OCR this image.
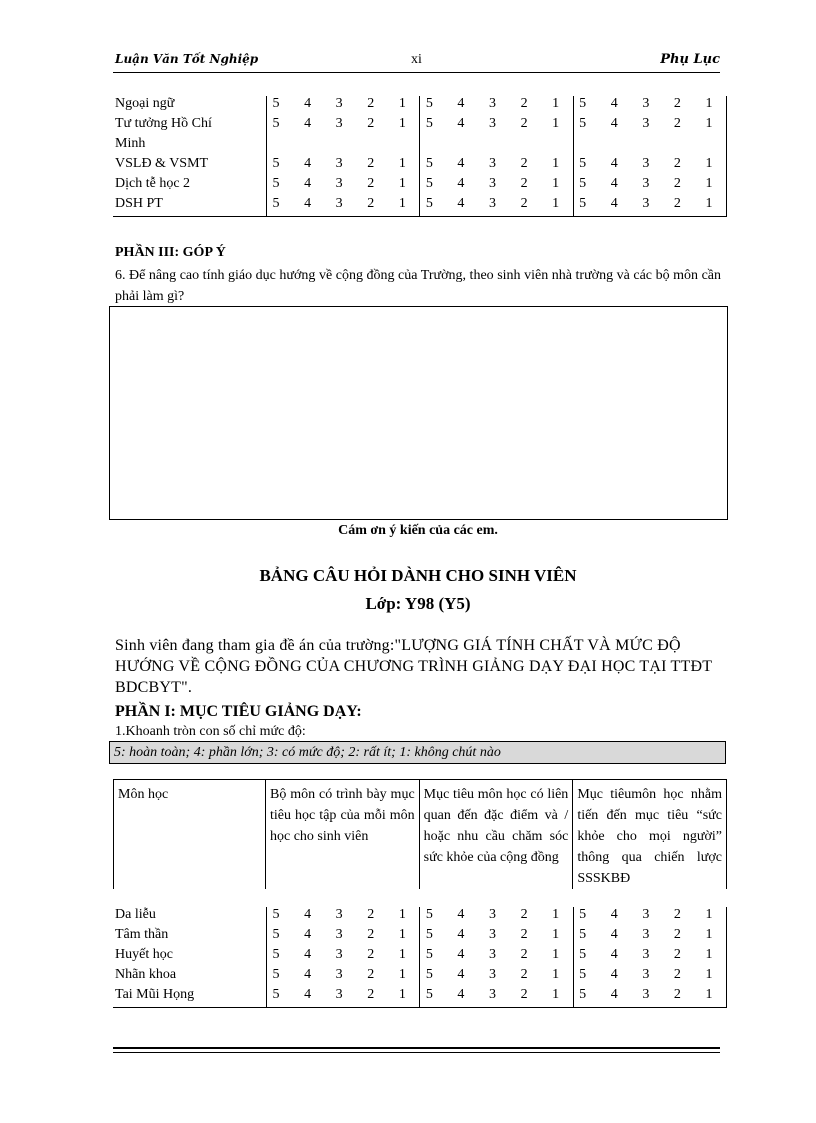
Luận Văn Tốt Nghiệp	xi	Phụ Lục
Ngoại ngữ	5 4 3 2 1	5 4 3 2 1	5 4 3 2 1

Tư tưởng Hồ Chí	5 4 3 2 1	5 4 3 2 1	5 4 3 2 1

Minh			
VSLĐ & VSMT	5 4 3 2 1	5 4 3 2 1	5 4 3 2 1

Dịch tễ học 2	5 4 3 2 1	5 4 3 2 1	5 4 3 2 1

DSH PT	5 4 3 2 1	5 4 3 2 1	5 4 3 2 1
PHẦN III: GÓP Ý
6. Để nâng cao tính giáo dục hướng về cộng đồng của Trường, theo sinh viên nhà trường và các bộ môn cần phải làm gì?
Cám ơn ý kiến của các em.
BẢNG CÂU HỎI DÀNH CHO SINH VIÊN
Lớp: Y98 (Y5)
Sinh viên đang tham gia đề án của trường:"LƯỢNG GIÁ TÍNH CHẤT VÀ MỨC ĐỘ HƯỚNG VỀ CỘNG ĐỒNG CỦA CHƯƠNG TRÌNH GIẢNG DẠY ĐẠI HỌC TẠI TTĐT BDCBYT".
PHẦN I: MỤC TIÊU GIẢNG DẠY:
1.Khoanh tròn con số chỉ mức độ:
5: hoàn toàn; 4: phần lớn; 3: có mức độ; 2: rất ít; 1: không chút nào
Môn học	Bộ môn có trình bày mục tiêu học tập của mỗi môn học cho sinh viên	Mục tiêu môn học có liên quan đến đặc điểm và / hoặc nhu cầu chăm sóc sức khỏe của cộng đồng	Mục tiêumôn học nhằm tiến đến mục tiêu “sức khỏe cho mọi người” thông qua chiến lược SSSKBĐ
Da liễu	5 4 3 2 1	5 4 3 2 1	5 4 3 2 1

Tâm thần	5 4 3 2 1	5 4 3 2 1	5 4 3 2 1

Huyết học	5 4 3 2 1	5 4 3 2 1	5 4 3 2 1

Nhãn khoa	5 4 3 2 1	5 4 3 2 1	5 4 3 2 1

Tai Mũi Họng	5 4 3 2 1	5 4 3 2 1	5 4 3 2 1
